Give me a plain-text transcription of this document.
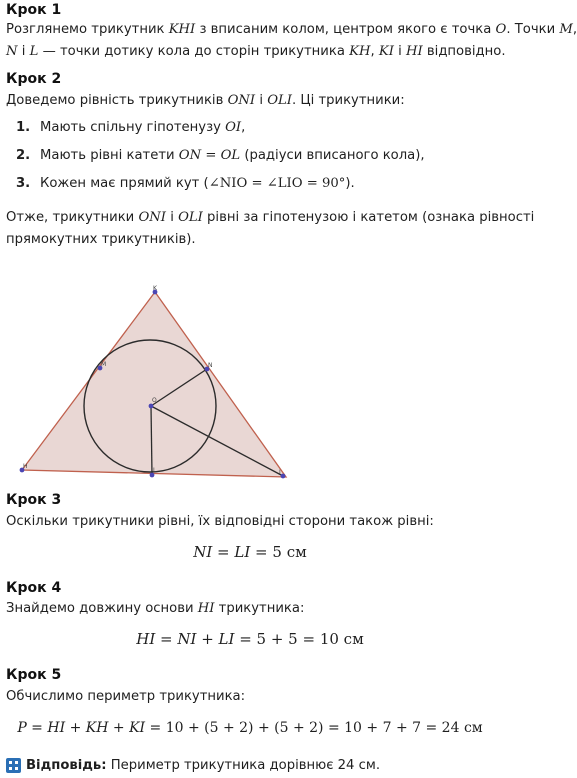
Крок 1
Розглянемо трикутник KHI з вписаним колом, центром якого є точка O. Точки M,
N і L — точки дотику кола до сторін трикутника KH, KI і HI відповідно.
Крок 2
Доведемо рівність трикутників ONI і OLI. Ці трикутники:
1. Мають спільну гіпотенузу OI,
2. Мають рівні катети ON = OL (радіуси вписаного кола),
3. Кожен має прямий кут (∠NIO = ∠LIO = 90°).
Отже, трикутники ONI і OLI рівні за гіпотенузою і катетом (ознака рівності
прямокутних трикутників).
K
M	N
O
H
L	I
Крок 3
Оскільки трикутники рівні, їх відповідні сторони також рівні:
NI = LI = 5 см
Крок 4
Знайдемо довжину основи HI трикутника:
HI = NI + LI = 5 + 5 = 10 см
Крок 5
Обчислимо периметр трикутника:
P = HI + KH + KI = 10 + (5 + 2) + (5 + 2) = 10 + 7 + 7 = 24 см
Відповідь: Периметр трикутника дорівнює 24 см.
